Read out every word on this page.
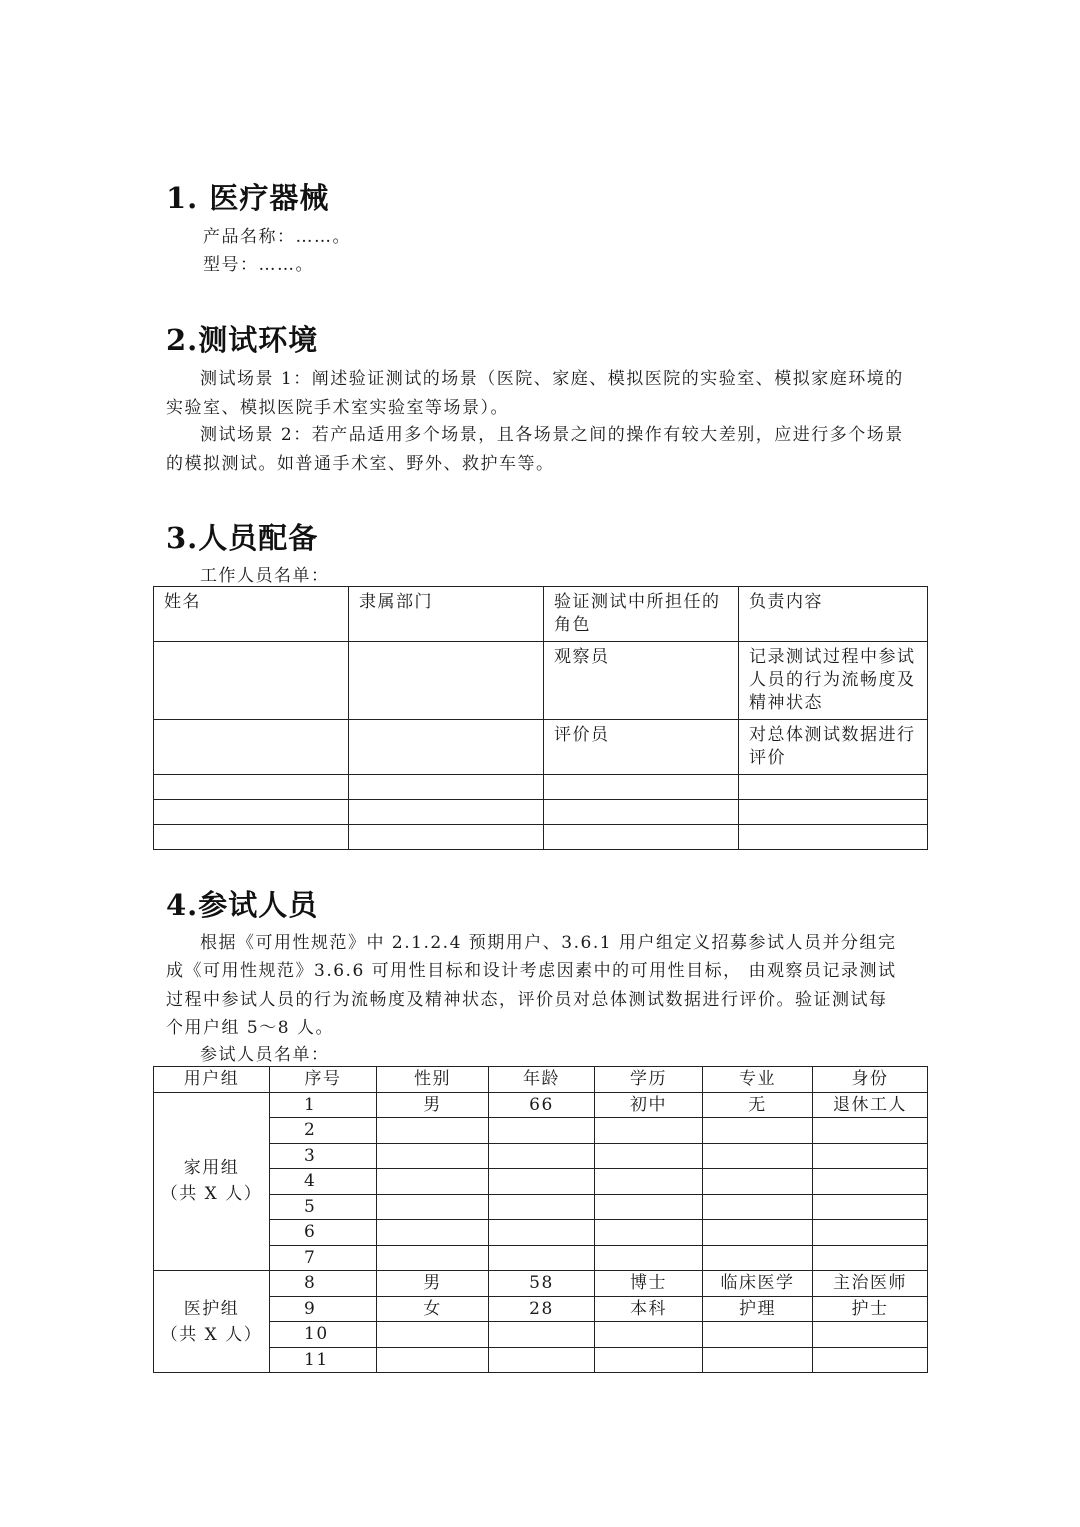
1. 医疗器械

产品名称：……。

型号：……。

2.测试环境

测试场景 1：阐述验证测试的场景（医院、家庭、模拟医院的实验室、模拟家庭环境的

实验室、模拟医院手术室实验室等场景）。

测试场景 2：若产品适用多个场景，且各场景之间的操作有较大差别，应进行多个场景

的模拟测试。如普通手术室、野外、救护车等。

3.人员配备

工作人员名单：

姓名	隶属部门	验证测试中所担任的角色	负责内容
		观察员	记录测试过程中参试人员的行为流畅度及精神状态
		评价员	对总体测试数据进行评价

4.参试人员

根据《可用性规范》中 2.1.2.4 预期用户、3.6.1 用户组定义招募参试人员并分组完

成《可用性规范》3.6.6 可用性目标和设计考虑因素中的可用性目标， 由观察员记录测试

过程中参试人员的行为流畅度及精神状态，评价员对总体测试数据进行评价。验证测试每

个用户组 5～8 人。

参试人员名单：

用户组	序号	性别	年龄	学历	专业	身份

家用组
（共 X 人）	1	男	66	初中	无	退休工人
	2					
	3					
	4					
	5					
	6					
	7					

医护组
（共 X 人）	8	男	58	博士	临床医学	主治医师
	9	女	28	本科	护理	护士
	10					
	11					
